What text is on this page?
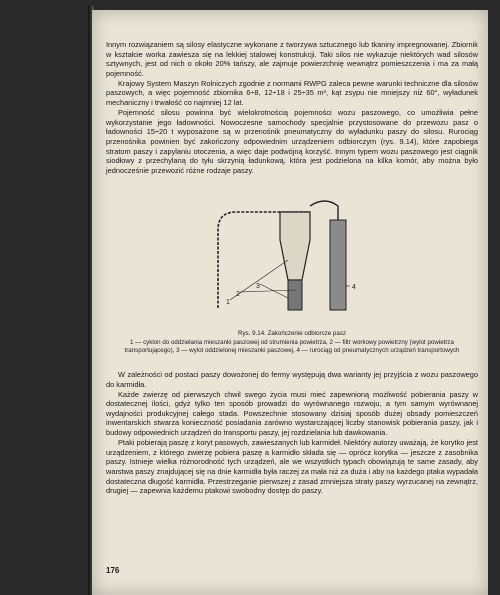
Innym rozwiązaniem są silosy elastyczne wykonane z tworzywa sztucznego lub tkaniny impregnowanej. Zbiornik w kształcie worka zawiesza się na lekkiej stalowej konstrukcji. Taki silos nie wykazuje niektórych wad silosów sztywnych, jest od nich o około 20% tańszy, ale zajmuje powierzchnię wewnątrz pomieszczenia i ma za małą pojemność.

Krajowy System Maszyn Rolniczych zgodnie z normami RWPG zaleca pewne warunki techniczne dla silosów paszowych, a więc pojemność zbiornika 6÷8, 12÷18 i 25÷35 m³, kąt zsypu nie mniejszy niż 60°, wyładunek mechaniczny i trwałość co najmniej 12 lat.

Pojemność silosu powinna być wielokrotnością pojemności wozu paszowego, co umożliwia pełne wykorzystanie jego ładowności. Nowoczesne samochody specjalnie przystosowane do przewozu pasz o ładowności 15÷20 t wyposażone są w przenośnik pneumatyczny do wyładunku paszy do silosu. Rurociąg przenośnika powinien być zakończony odpowiednim urządzeniem odbiorczym (rys. 9.14), które zapobiega stratom paszy i zapylaniu otoczenia, a więc daje podwójną korzyść. Innym typem wozu paszowego jest ciągnik siodłowy z przechylaną do tyłu skrzynią ładunkową, która jest podzielona na kilka komór, aby można było jednocześnie przewozić różne rodzaje paszy.

1
2
3	4
Rys. 9.14. Zakończenie odbiorcze pasz
1 — cyklon do oddzielania mieszanki paszowej od strumienia powietrza, 2 — filtr workowy powietrzny (wylot powietrza transportującego), 3 — wylot oddzielonej mieszanki paszowej, 4 — rurociąg od pneumatycznych urządzeń transportowych

W zależności od postaci paszy dowożonej do fermy występują dwa warianty jej przyjścia z wozu paszowego do karmidła.

Każde zwierzę od pierwszych chwil swego życia musi mieć zapewnioną możliwość pobierania paszy w dostatecznej ilości, gdyż tylko ten sposób prowadzi do wyrównanego rozwoju, a tym samym wyrównanej wydajności produkcyjnej całego stada. Powszechnie stosowany dzisiaj sposób dużej obsady pomieszczeń inwentarskich stwarza konieczność posiadania zarówno wystarczającej liczby stanowisk pobierania paszy, jak i budowy odpowiednich urządzeń do transportu paszy, jej rozdzielania lub dawkowania.

Ptaki pobierają paszę z koryt pasowych, zawieszanych lub karmideł. Niektóry autorzy uważają, że korytko jest urządzeniem, z którego zwierzę pobiera paszę a karmidło składa się — oprócz korytka — jeszcze z zasobnika paszy. Istnieje wielka różnorodność tych urządzeń, ale we wszystkich typach obowiązują te same zasady, aby warstwa paszy znajdującej się na dnie karmidła była raczej za mała niż za duża i aby na każdego ptaka wypadała dostateczna długość karmidła. Przestrzeganie pierwszej z zasad zmniejsza straty paszy wyrzucanej na zewnątrz, drugiej — zapewnia każdemu ptakowi swobodny dostęp do paszy.

176
